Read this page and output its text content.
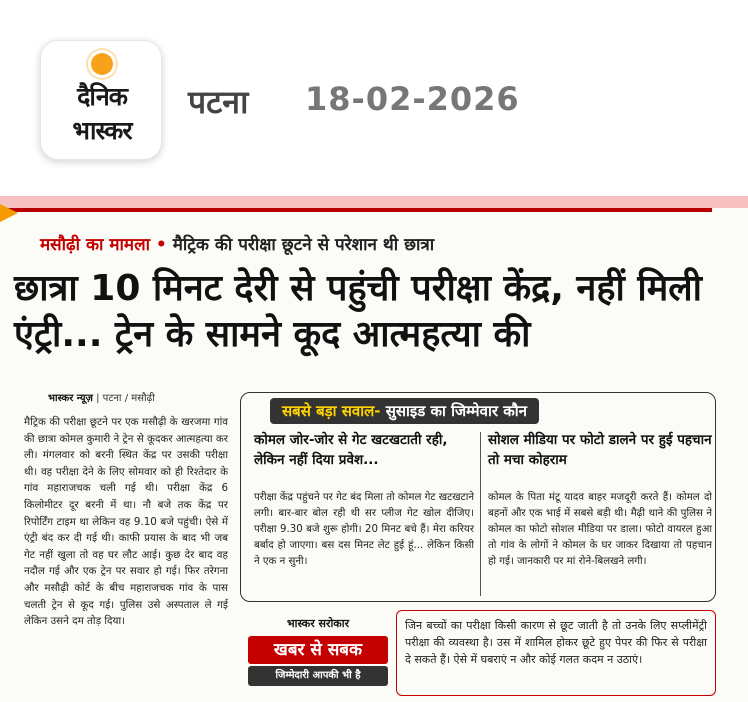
दैनिक
भास्कर
पटना 18-02-2026
मसौढ़ी का मामला • मैट्रिक की परीक्षा छूटने से परेशान थी छात्रा
छात्रा 10 मिनट देरी से पहुंची परीक्षा केंद्र, नहीं मिली एंट्री... ट्रेन के सामने कूद आत्महत्या की
भास्कर न्यूज़ | पटना / मसौढ़ी
मैट्रिक की परीक्षा छूटने पर एक मसौढ़ी के खरजमा गांव की छात्रा कोमल कुमारी ने ट्रेन से कूदकर आत्महत्या कर ली। मंगलवार को बरनी स्थित केंद्र पर उसकी परीक्षा थी। वह परीक्षा देने के लिए सोमवार को ही रिश्तेदार के गांव महाराजचक चली गई थी। परीक्षा केंद्र 6 किलोमीटर दूर बरनी में था। नौ बजे तक केंद्र पर रिपोर्टिंग टाइम था लेकिन वह 9.10 बजे पहुंची। ऐसे में एंट्री बंद कर दी गई थी। काफी प्रयास के बाद भी जब गेट नहीं खुला तो वह घर लौट आई। कुछ देर बाद वह नदौल गई और एक ट्रेन पर सवार हो गई। फिर तरेगना और मसौढ़ी कोर्ट के बीच महाराजचक गांव के पास चलती ट्रेन से कूद गई। पुलिस उसे अस्पताल ले गई लेकिन उसने दम तोड़ दिया।
सबसे बड़ा सवाल- सुसाइड का जिम्मेवार कौन
कोमल जोर-जोर से गेट खटखटाती रही, लेकिन नहीं दिया प्रवेश...
सोशल मीडिया पर फोटो डालने पर हुई पहचान तो मचा कोहराम
परीक्षा केंद्र पहुंचने पर गेट बंद मिला तो कोमल गेट खटखटाने लगी। बार-बार बोल रही थी सर प्लीज गेट खोल दीजिए। परीक्षा 9.30 बजे शुरू होगी। 20 मिनट बचे हैं। मेरा करियर बर्बाद हो जाएगा। बस दस मिनट लेट हुई हूं... लेकिन किसी ने एक न सुनी।
कोमल के पिता मंटू यादव बाहर मजदूरी करते हैं। कोमल दो बहनों और एक भाई में सबसे बड़ी थी। मैढ़ी थाने की पुलिस ने कोमल का फोटो सोशल मीडिया पर डाला। फोटो वायरल हुआ तो गांव के लोगों ने कोमल के घर जाकर दिखाया तो पहचान हो गई। जानकारी पर मां रोने-बिलखने लगी।
भास्कर सरोकार
खबर से सबक
जिम्मेदारी आपकी भी है
जिन बच्चों का परीक्षा किसी कारण से छूट जाती है तो उनके लिए सप्लीमेंट्री परीक्षा की व्यवस्था है। उस में शामिल होकर छूटे हुए पेपर की फिर से परीक्षा दे सकते हैं। ऐसे में घबराएं न और कोई गलत कदम न उठाएं।
